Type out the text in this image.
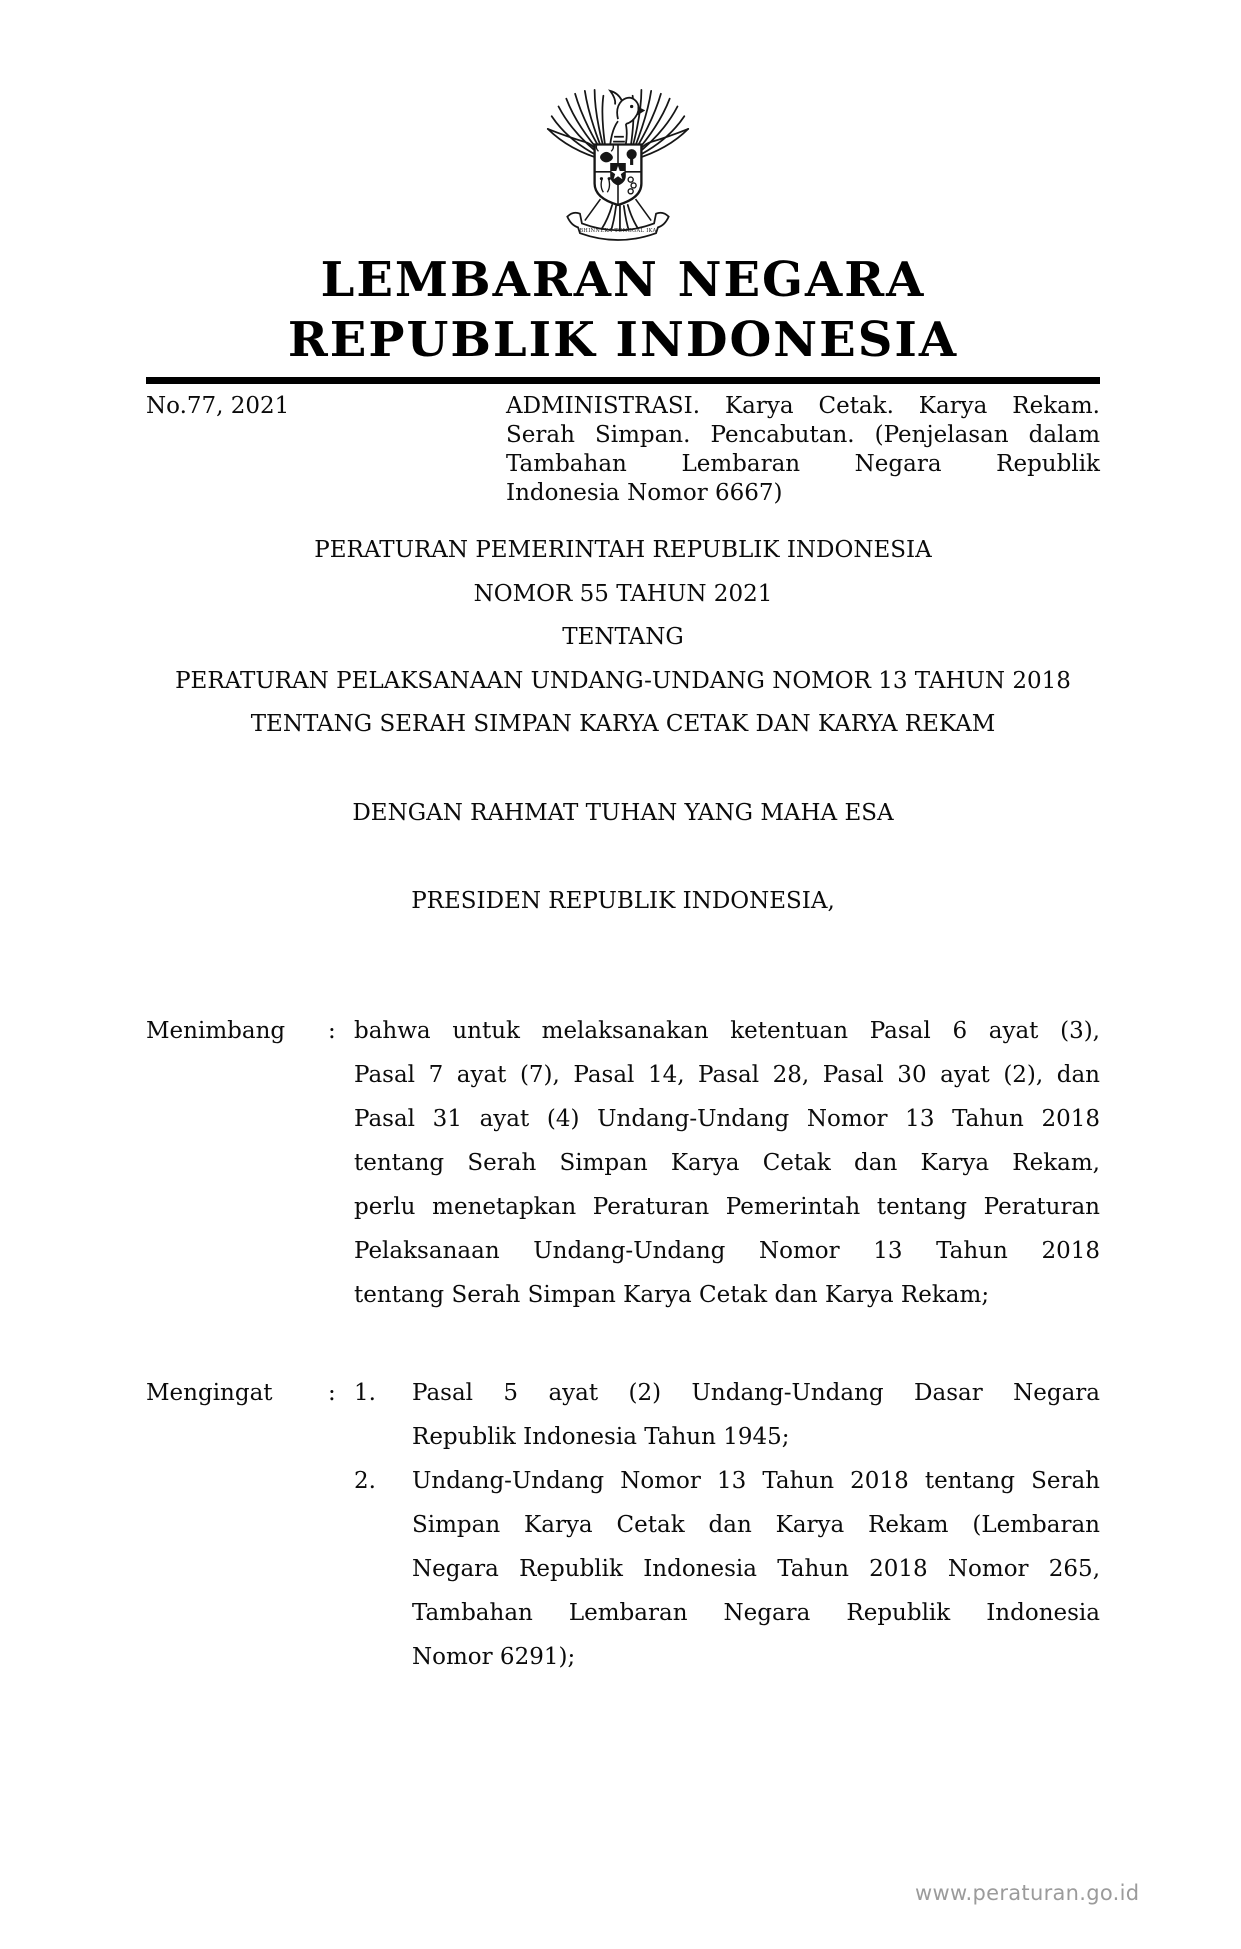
BHINNEKA TUNGGAL IKA
LEMBARAN NEGARA
REPUBLIK INDONESIA
No.77, 2021	ADMINISTRASI. Karya Cetak. Karya Rekam.
Serah Simpan. Pencabutan. (Penjelasan dalam
Tambahan Lembaran Negara Republik
Indonesia Nomor 6667)
PERATURAN PEMERINTAH REPUBLIK INDONESIA
NOMOR 55 TAHUN 2021
TENTANG
PERATURAN PELAKSANAAN UNDANG-UNDANG NOMOR 13 TAHUN 2018
TENTANG SERAH SIMPAN KARYA CETAK DAN KARYA REKAM
DENGAN RAHMAT TUHAN YANG MAHA ESA
PRESIDEN REPUBLIK INDONESIA,
Menimbang	: bahwa untuk melaksanakan ketentuan Pasal 6 ayat (3),
Pasal 7 ayat (7), Pasal 14, Pasal 28, Pasal 30 ayat (2), dan
Pasal 31 ayat (4) Undang-Undang Nomor 13 Tahun 2018
tentang Serah Simpan Karya Cetak dan Karya Rekam,
perlu menetapkan Peraturan Pemerintah tentang Peraturan
Pelaksanaan Undang-Undang Nomor 13 Tahun 2018
tentang Serah Simpan Karya Cetak dan Karya Rekam;
Mengingat	: 1.	Pasal 5 ayat (2) Undang-Undang Dasar Negara
Republik Indonesia Tahun 1945;
2.	Undang-Undang Nomor 13 Tahun 2018 tentang Serah
Simpan Karya Cetak dan Karya Rekam (Lembaran
Negara Republik Indonesia Tahun 2018 Nomor 265,
Tambahan Lembaran Negara Republik Indonesia
Nomor 6291);
www.peraturan.go.id
